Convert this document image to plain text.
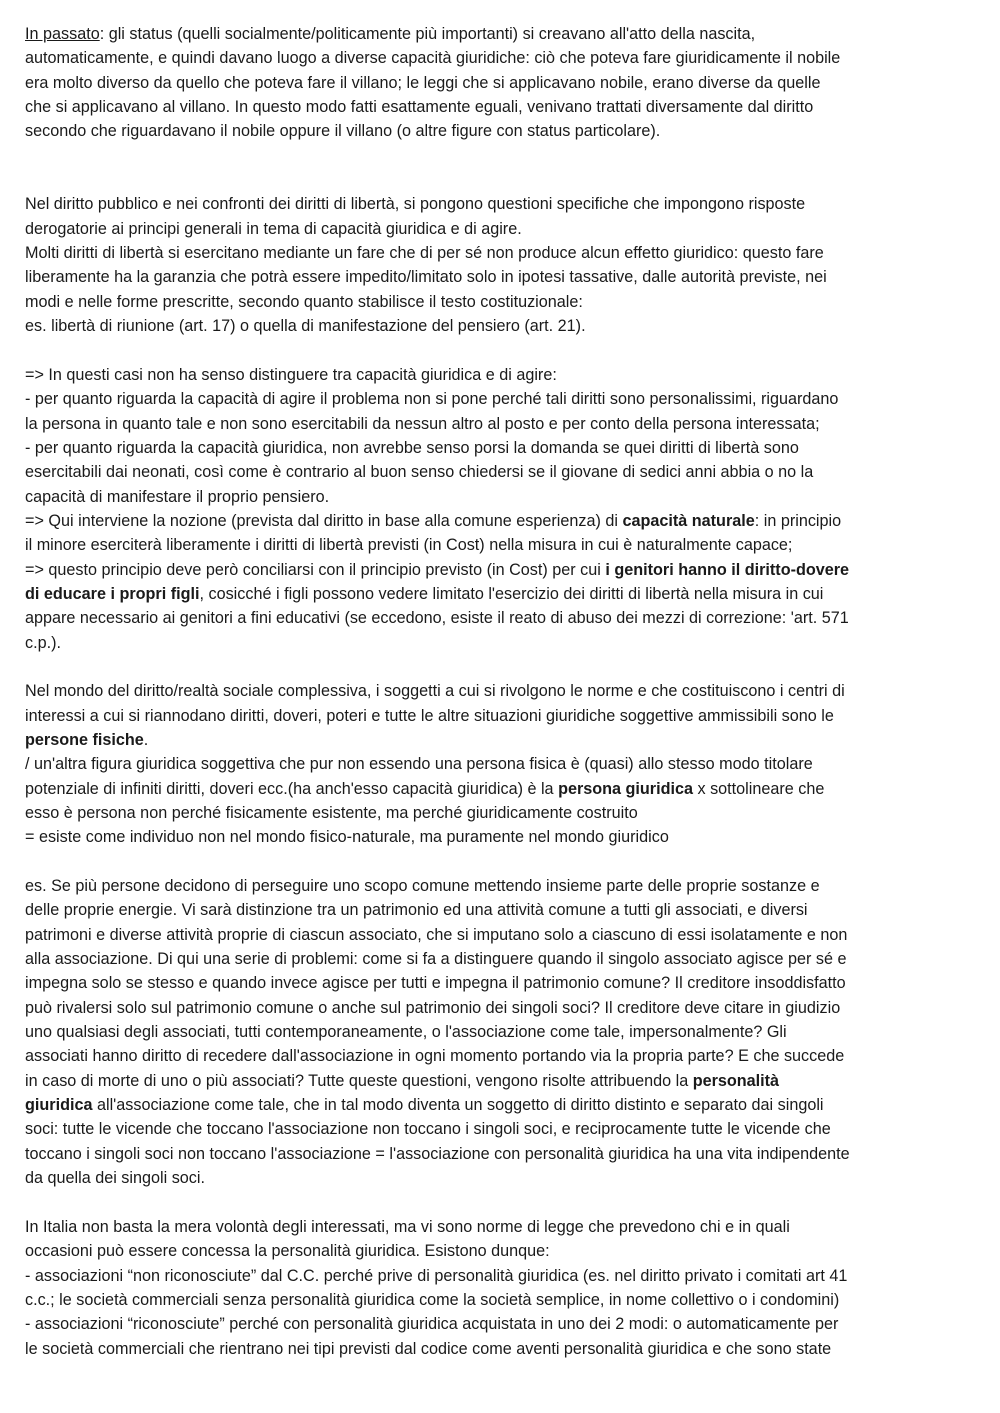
In passato: gli status (quelli socialmente/politicamente più importanti) si creavano all'atto della nascita,
automaticamente, e quindi davano luogo a diverse capacità giuridiche: ciò che poteva fare giuridicamente il nobile
era molto diverso da quello che poteva fare il villano; le leggi che si applicavano nobile, erano diverse da quelle
che si applicavano al villano. In questo modo fatti esattamente eguali, venivano trattati diversamente dal diritto
secondo che riguardavano il nobile oppure il villano (o altre figure con status particolare).
Nel diritto pubblico e nei confronti dei diritti di libertà, si pongono questioni specifiche che impongono risposte
derogatorie ai principi generali in tema di capacità giuridica e di agire.
Molti diritti di libertà si esercitano mediante un fare che di per sé non produce alcun effetto giuridico: questo fare
liberamente ha la garanzia che potrà essere impedito/limitato solo in ipotesi tassative, dalle autorità previste, nei
modi e nelle forme prescritte, secondo quanto stabilisce il testo costituzionale:
es. libertà di riunione (art. 17) o quella di manifestazione del pensiero (art. 21).
=> In questi casi non ha senso distinguere tra capacità giuridica e di agire:
- per quanto riguarda la capacità di agire il problema non si pone perché tali diritti sono personalissimi, riguardano
la persona in quanto tale e non sono esercitabili da nessun altro al posto e per conto della persona interessata;
- per quanto riguarda la capacità giuridica, non avrebbe senso porsi la domanda se quei diritti di libertà sono
esercitabili dai neonati, così come è contrario al buon senso chiedersi se il giovane di sedici anni abbia o no la
capacità di manifestare il proprio pensiero.
=> Qui interviene la nozione (prevista dal diritto in base alla comune esperienza) di capacità naturale: in principio
il minore eserciterà liberamente i diritti di libertà previsti (in Cost) nella misura in cui è naturalmente capace;
=> questo principio deve però conciliarsi con il principio previsto (in Cost) per cui i genitori hanno il diritto-dovere
di educare i propri figli, cosicché i figli possono vedere limitato l'esercizio dei diritti di libertà nella misura in cui
appare necessario ai genitori a fini educativi (se eccedono, esiste il reato di abuso dei mezzi di correzione: 'art. 571
c.p.).
Nel mondo del diritto/realtà sociale complessiva, i soggetti a cui si rivolgono le norme e che costituiscono i centri di
interessi a cui si riannodano diritti, doveri, poteri e tutte le altre situazioni giuridiche soggettive ammissibili sono le
persone fisiche.
/ un'altra figura giuridica soggettiva che pur non essendo una persona fisica è (quasi) allo stesso modo titolare
potenziale di infiniti diritti, doveri ecc.(ha anch'esso capacità giuridica) è la persona giuridica x sottolineare che
esso è persona non perché fisicamente esistente, ma perché giuridicamente costruito
= esiste come individuo non nel mondo fisico-naturale, ma puramente nel mondo giuridico
es. Se più persone decidono di perseguire uno scopo comune mettendo insieme parte delle proprie sostanze e
delle proprie energie. Vi sarà distinzione tra un patrimonio ed una attività comune a tutti gli associati, e diversi
patrimoni e diverse attività proprie di ciascun associato, che si imputano solo a ciascuno di essi isolatamente e non
alla associazione. Di qui una serie di problemi: come si fa a distinguere quando il singolo associato agisce per sé e
impegna solo se stesso e quando invece agisce per tutti e impegna il patrimonio comune? Il creditore insoddisfatto
può rivalersi solo sul patrimonio comune o anche sul patrimonio dei singoli soci? Il creditore deve citare in giudizio
uno qualsiasi degli associati, tutti contemporaneamente, o l'associazione come tale, impersonalmente? Gli
associati hanno diritto di recedere dall'associazione in ogni momento portando via la propria parte? E che succede
in caso di morte di uno o più associati? Tutte queste questioni, vengono risolte attribuendo la personalità
giuridica all'associazione come tale, che in tal modo diventa un soggetto di diritto distinto e separato dai singoli
soci: tutte le vicende che toccano l'associazione non toccano i singoli soci, e reciprocamente tutte le vicende che
toccano i singoli soci non toccano l'associazione = l'associazione con personalità giuridica ha una vita indipendente
da quella dei singoli soci.
In Italia non basta la mera volontà degli interessati, ma vi sono norme di legge che prevedono chi e in quali
occasioni può essere concessa la personalità giuridica. Esistono dunque:
- associazioni “non riconosciute” dal C.C. perché prive di personalità giuridica (es. nel diritto privato i comitati art 41
c.c.; le società commerciali senza personalità giuridica come la società semplice, in nome collettivo o i condomini)
- associazioni “riconosciute” perché con personalità giuridica acquistata in uno dei 2 modi: o automaticamente per
le società commerciali che rientrano nei tipi previsti dal codice come aventi personalità giuridica e che sono state
